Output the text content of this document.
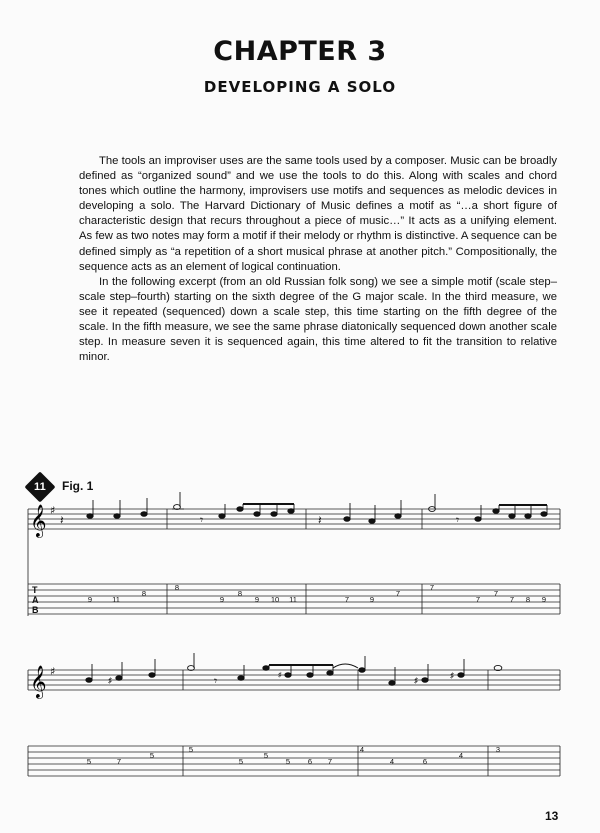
CHAPTER 3
DEVELOPING A SOLO

The tools an improviser uses are the same tools used by a composer. Music can be broadly defined as “organized sound” and we use the tools to do this. Along with scales and chord tones which outline the harmony, improvisers use motifs and sequences as melodic devices in developing a solo. The Harvard Dictionary of Music defines a motif as “…a short figure of characteristic design that recurs throughout a piece of music…” It acts as a unifying element. As few as two notes may form a motif if their melody or rhythm is distinctive. A sequence can be defined simply as “a repetition of a short musical phrase at another pitch.” Compositionally, the sequence acts as an element of logical continuation.

In the following excerpt (from an old Russian folk song) we see a simple motif (scale step–scale step–fourth) starting on the sixth degree of the G major scale. In the third measure, we see it repeated (sequenced) down a scale step, this time starting on the fifth degree of the scale. In the fifth measure, we see the same phrase diatonically sequenced down another scale step. In measure seven it is sequenced again, this time altered to fit the transition to relative minor.

11	Fig. 1
𝄞 ♯
𝄽	𝄾	𝄽	𝄾
T
A
B
9	11
8
8
9
8
9 10 11	7	9
7
7
7
7
7 8 9
𝄞 ♯
♯	𝄾	♯
♯
♯
5	7
5
5
5
5
5 6 7
4
4	6
4
3
13
